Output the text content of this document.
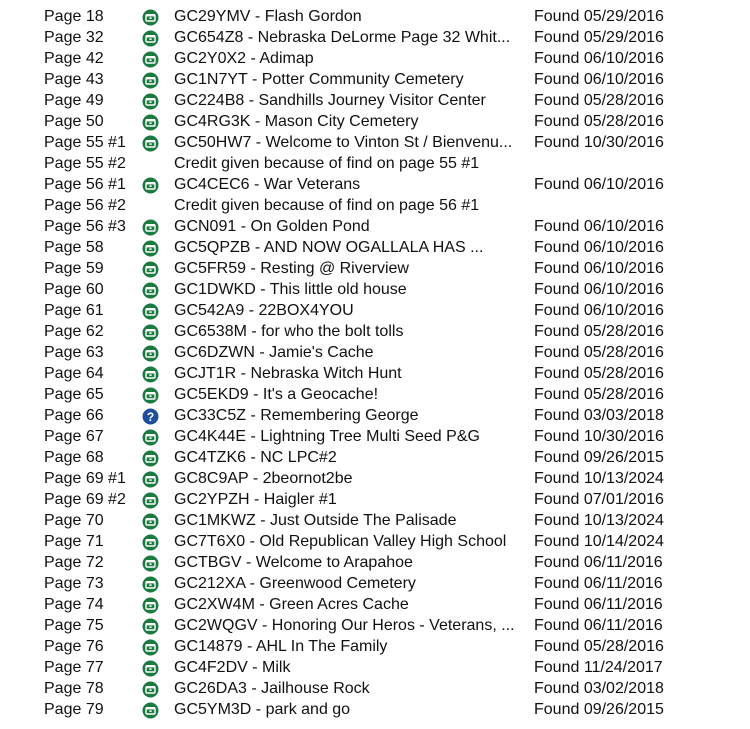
Page 18	GC29YMV - Flash Gordon	Found 05/29/2016
Page 32	GC654Z8 - Nebraska DeLorme Page 32 Whit...	Found 05/29/2016
Page 42	GC2Y0X2 - Adimap	Found 06/10/2016
Page 43	GC1N7YT - Potter Community Cemetery	Found 06/10/2016
Page 49	GC224B8 - Sandhills Journey Visitor Center	Found 05/28/2016
Page 50	GC4RG3K - Mason City Cemetery	Found 05/28/2016
Page 55 #1	GC50HW7 - Welcome to Vinton St / Bienvenu...	Found 10/30/2016
Page 55 #2	Credit given because of find on page 55 #1
Page 56 #1	GC4CEC6 - War Veterans	Found 06/10/2016
Page 56 #2	Credit given because of find on page 56 #1
Page 56 #3	GCN091 - On Golden Pond	Found 06/10/2016
Page 58	GC5QPZB - AND NOW OGALLALA HAS ...	Found 06/10/2016
Page 59	GC5FR59 - Resting @ Riverview	Found 06/10/2016
Page 60	GC1DWKD - This little old house	Found 06/10/2016
Page 61	GC542A9 - 22BOX4YOU	Found 06/10/2016
Page 62	GC6538M - for who the bolt tolls	Found 05/28/2016
Page 63	GC6DZWN - Jamie's Cache	Found 05/28/2016
Page 64	GCJT1R - Nebraska Witch Hunt	Found 05/28/2016
Page 65	GC5EKD9 - It's a Geocache!	Found 05/28/2016
Page 66	? GC33C5Z - Remembering George	Found 03/03/2018
Page 67	GC4K44E - Lightning Tree Multi Seed P&G	Found 10/30/2016
Page 68	GC4TZK6 - NC LPC#2	Found 09/26/2015
Page 69 #1	GC8C9AP - 2beornot2be	Found 10/13/2024
Page 69 #2	GC2YPZH - Haigler #1	Found 07/01/2016
Page 70	GC1MKWZ - Just Outside The Palisade	Found 10/13/2024
Page 71	GC7T6X0 - Old Republican Valley High School	Found 10/14/2024
Page 72	GCTBGV - Welcome to Arapahoe	Found 06/11/2016
Page 73	GC212XA - Greenwood Cemetery	Found 06/11/2016
Page 74	GC2XW4M - Green Acres Cache	Found 06/11/2016
Page 75	GC2WQGV - Honoring Our Heros - Veterans, ... Found 06/11/2016
Page 76	GC14879 - AHL In The Family	Found 05/28/2016
Page 77	GC4F2DV - Milk	Found 11/24/2017
Page 78	GC26DA3 - Jailhouse Rock	Found 03/02/2018
Page 79	GC5YM3D - park and go	Found 09/26/2015
